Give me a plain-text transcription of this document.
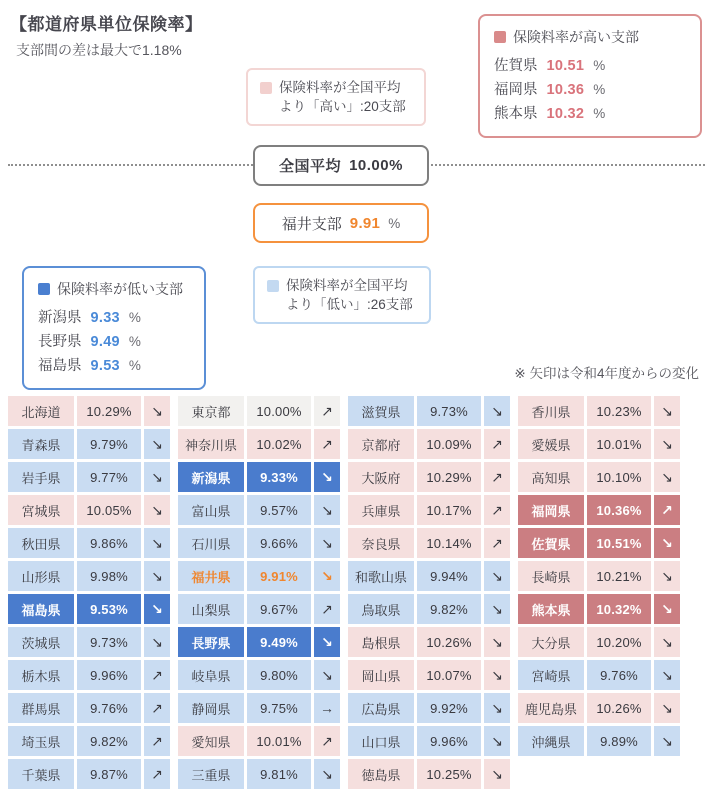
【都道府県単位保険率】
支部間の差は最大で1.18%
保険料率が高い支部
佐賀県 10.51 %
福岡県 10.36 %
熊本県 10.32 %
保険料率が全国平均
より「高い」:20支部
全国平均 10.00%
福井支部 9.91 %
保険料率が低い支部
新潟県 9.33 %
長野県 9.49 %
福島県 9.53 %
保険料率が全国平均
より「低い」:26支部
※ 矢印は令和4年度からの変化
北海道	10.29%	↘
青森県	9.79%	↘
岩手県	9.77%	↘
宮城県	10.05%	↘
秋田県	9.86%	↘
山形県	9.98%	↘
福島県	9.53%	↘
茨城県	9.73%	↘
栃木県	9.96%	↗
群馬県	9.76%	↗
埼玉県	9.82%	↗
千葉県	9.87%	↗
東京都	10.00%	↗
神奈川県	10.02%	↗
新潟県	9.33%	↘
富山県	9.57%	↘
石川県	9.66%	↘
福井県	9.91%	↘
山梨県	9.67%	↗
長野県	9.49%	↘
岐阜県	9.80%	↘
静岡県	9.75%	→
愛知県	10.01%	↗
三重県	9.81%	↘
滋賀県	9.73%	↘
京都府	10.09%	↗
大阪府	10.29%	↗
兵庫県	10.17%	↗
奈良県	10.14%	↗
和歌山県	9.94%	↘
鳥取県	9.82%	↘
島根県	10.26%	↘
岡山県	10.07%	↘
広島県	9.92%	↘
山口県	9.96%	↘
徳島県	10.25%	↘
香川県	10.23%	↘
愛媛県	10.01%	↘
高知県	10.10%	↘
福岡県	10.36%	↗
佐賀県	10.51%	↘
長崎県	10.21%	↘
熊本県	10.32%	↘
大分県	10.20%	↘
宮崎県	9.76%	↘
鹿児島県	10.26%	↘
沖縄県	9.89%	↘
